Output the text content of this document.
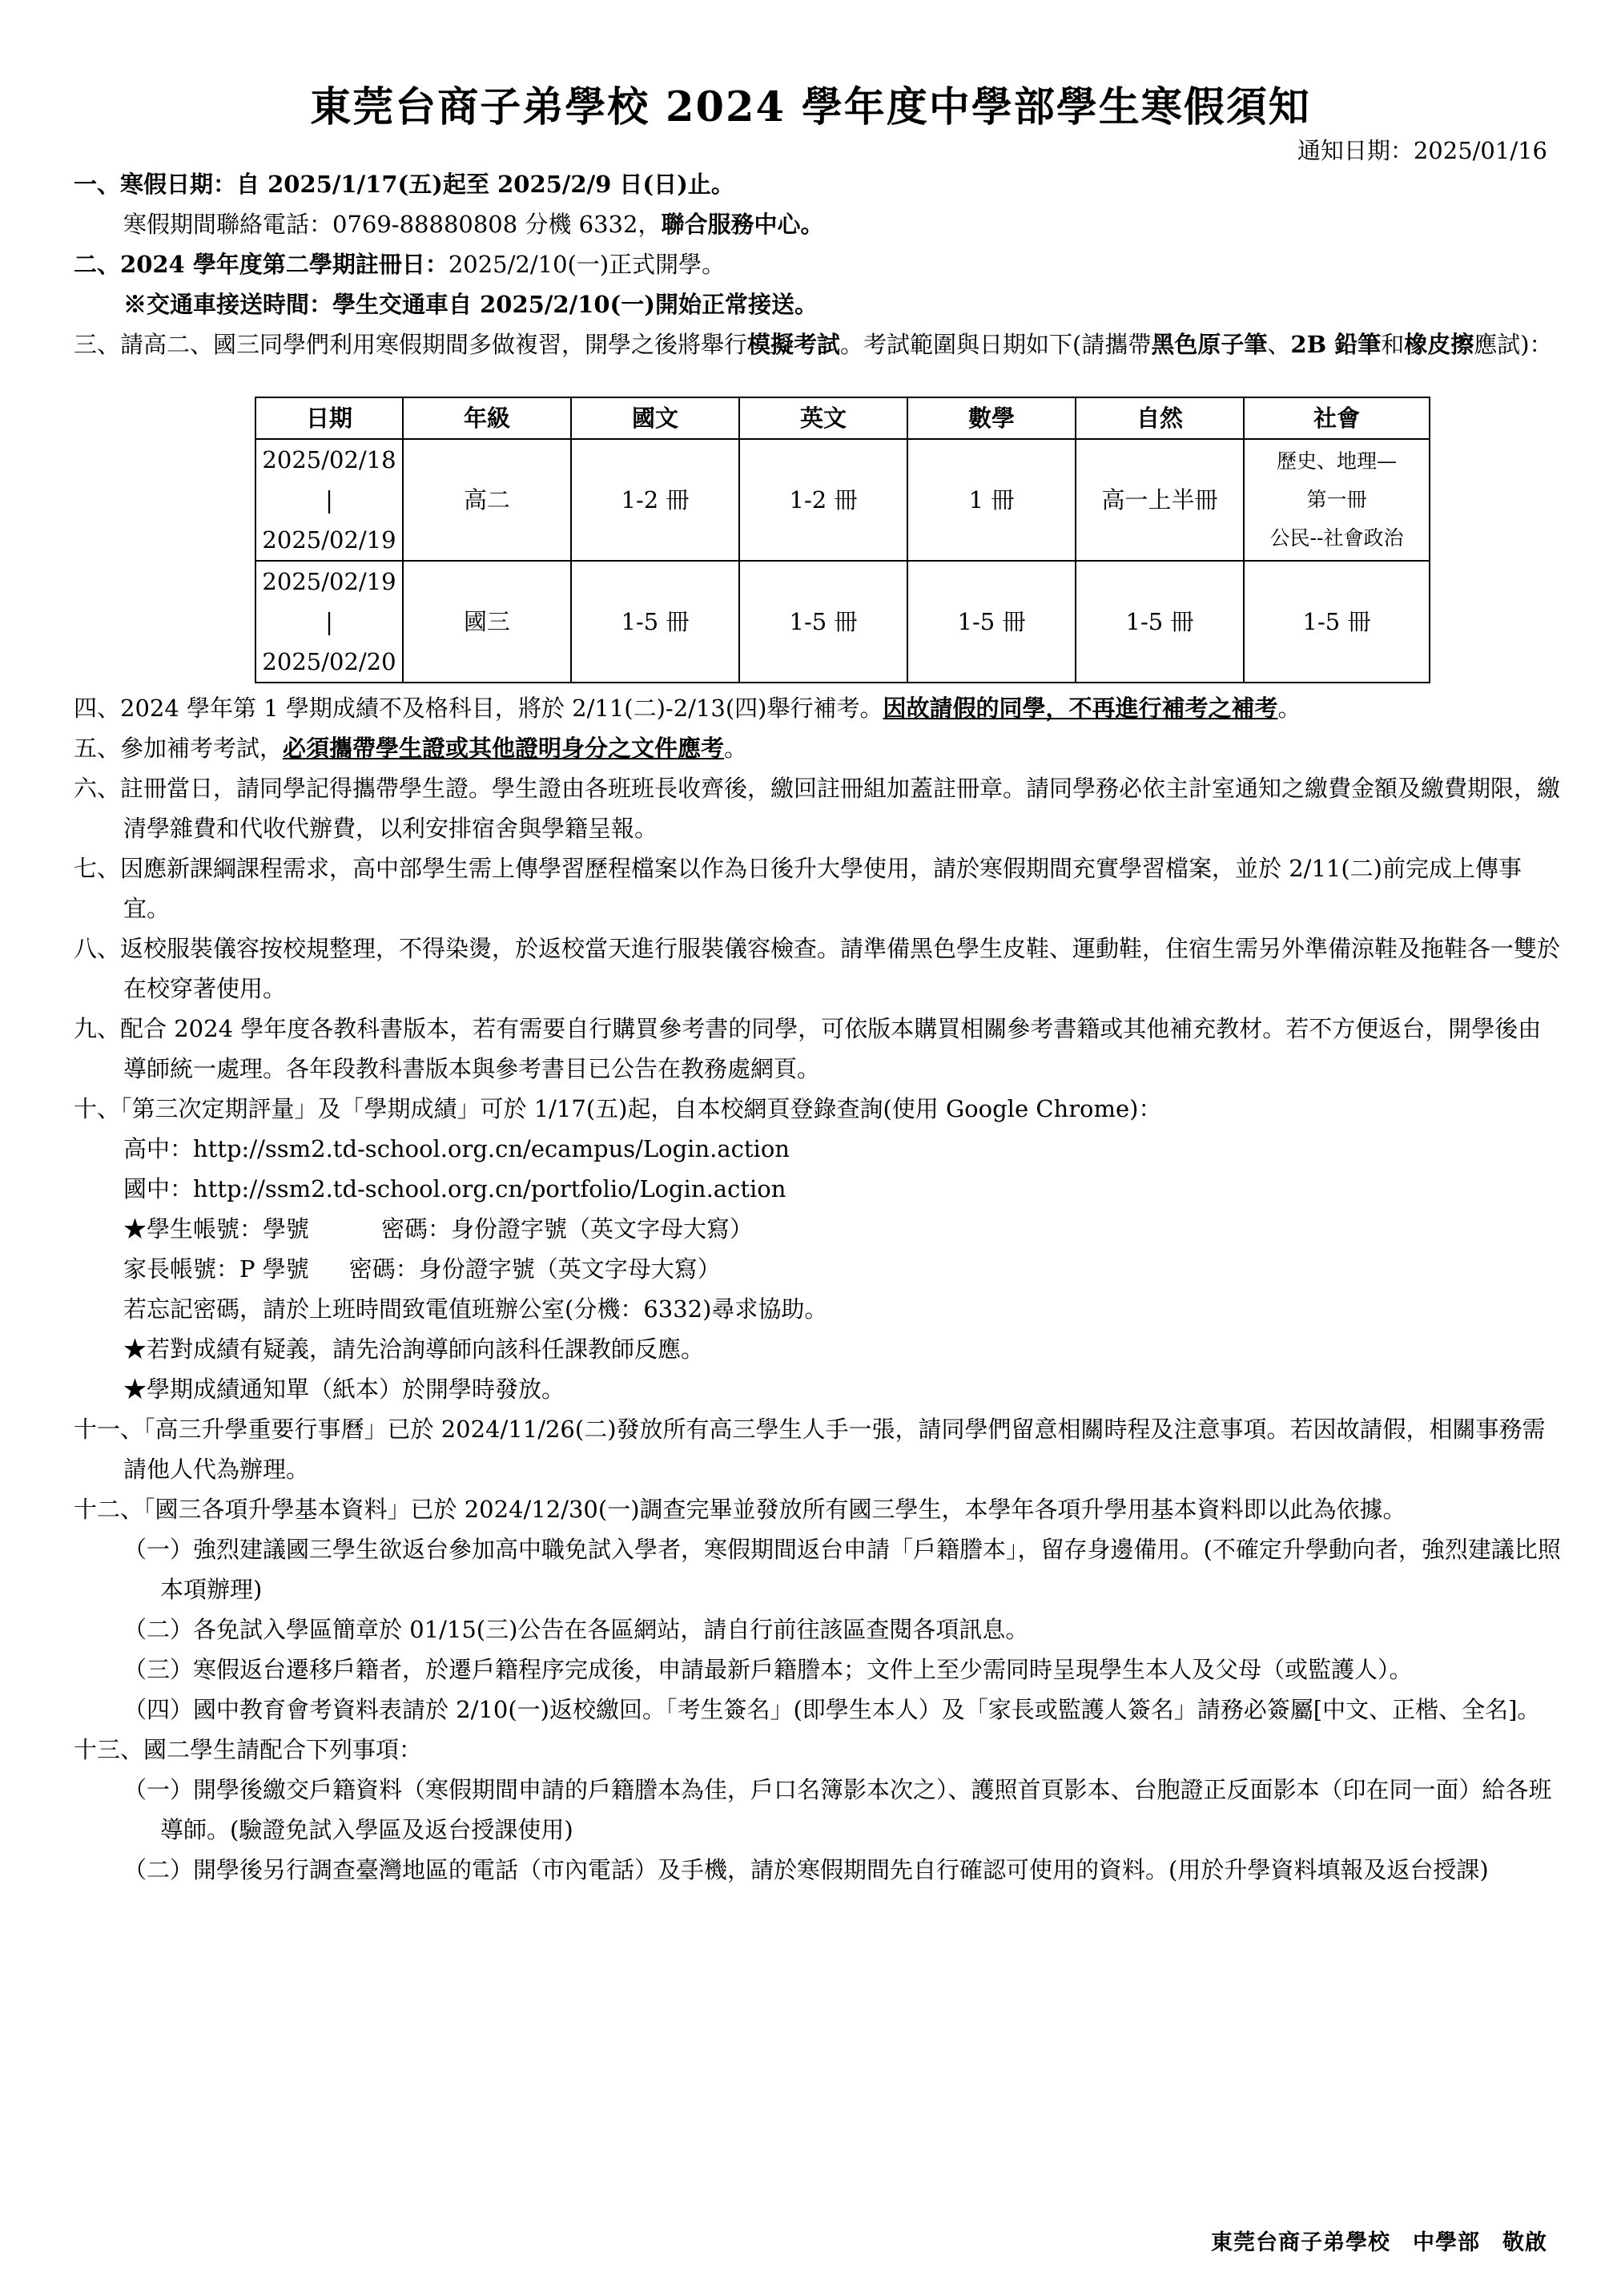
東莞台商子弟學校 2024 學年度中學部學生寒假須知
通知日期：2025/01/16
一、寒假日期：自 2025/1/17(五)起至 2025/2/9 日(日)止。
寒假期間聯絡電話：0769-88880808 分機 6332，聯合服務中心。
二、2024 學年度第二學期註冊日：2025/2/10(一)正式開學。
※交通車接送時間：學生交通車自 2025/2/10(一)開始正常接送。
三、請高二、國三同學們利用寒假期間多做複習，開學之後將舉行模擬考試。考試範圍與日期如下(請攜帶黑色原子筆、2B 鉛筆和橡皮擦應試)：
日期	年級	國文	英文	數學	自然	社會

2025/02/18
|
2025/02/19	高二	1-2 冊	1-2 冊	1 冊	高一上半冊	歷史、地理—
第一冊
公民--社會政治

2025/02/19
|
2025/02/20	國三	1-5 冊	1-5 冊	1-5 冊	1-5 冊	1-5 冊
四、2024 學年第 1 學期成績不及格科目，將於 2/11(二)-2/13(四)舉行補考。因故請假的同學，不再進行補考之補考。
五、參加補考考試，必須攜帶學生證或其他證明身分之文件應考。
六、註冊當日，請同學記得攜帶學生證。學生證由各班班長收齊後，繳回註冊組加蓋註冊章。請同學務必依主計室通知之繳費金額及繳費期限，繳清學雜費和代收代辦費，以利安排宿舍與學籍呈報。
七、因應新課綱課程需求，高中部學生需上傳學習歷程檔案以作為日後升大學使用，請於寒假期間充實學習檔案，並於 2/11(二)前完成上傳事宜。
八、返校服裝儀容按校規整理，不得染燙，於返校當天進行服裝儀容檢查。請準備黑色學生皮鞋、運動鞋，住宿生需另外準備涼鞋及拖鞋各一雙於在校穿著使用。
九、配合 2024 學年度各教科書版本，若有需要自行購買參考書的同學，可依版本購買相關參考書籍或其他補充教材。若不方便返台，開學後由導師統一處理。各年段教科書版本與參考書目已公告在教務處網頁。
十、「第三次定期評量」及「學期成績」可於 1/17(五)起，自本校網頁登錄查詢(使用 Google Chrome)：
高中：http://ssm2.td-school.org.cn/ecampus/Login.action
國中：http://ssm2.td-school.org.cn/portfolio/Login.action
★學生帳號：學號	密碼：身份證字號（英文字母大寫）
家長帳號：P 學號 密碼：身份證字號（英文字母大寫）
若忘記密碼，請於上班時間致電值班辦公室(分機：6332)尋求協助。
★若對成績有疑義，請先洽詢導師向該科任課教師反應。
★學期成績通知單（紙本）於開學時發放。
十一、「高三升學重要行事曆」已於 2024/11/26(二)發放所有高三學生人手一張，請同學們留意相關時程及注意事項。若因故請假，相關事務需請他人代為辦理。
十二、「國三各項升學基本資料」已於 2024/12/30(一)調查完畢並發放所有國三學生，本學年各項升學用基本資料即以此為依據。
（一）強烈建議國三學生欲返台參加高中職免試入學者，寒假期間返台申請「戶籍謄本」，留存身邊備用。(不確定升學動向者，強烈建議比照本項辦理)
（二）各免試入學區簡章於 01/15(三)公告在各區網站，請自行前往該區查閱各項訊息。
（三）寒假返台遷移戶籍者，於遷戶籍程序完成後，申請最新戶籍謄本；文件上至少需同時呈現學生本人及父母（或監護人）。
（四）國中教育會考資料表請於 2/10(一)返校繳回。「考生簽名」(即學生本人）及「家長或監護人簽名」請務必簽屬[中文、正楷、全名]。
十三、國二學生請配合下列事項：
（一）開學後繳交戶籍資料（寒假期間申請的戶籍謄本為佳，戶口名簿影本次之）、護照首頁影本、台胞證正反面影本（印在同一面）給各班導師。(驗證免試入學區及返台授課使用)
（二）開學後另行調查臺灣地區的電話（市內電話）及手機，請於寒假期間先自行確認可使用的資料。(用於升學資料填報及返台授課)
東莞台商子弟學校　中學部　敬啟
